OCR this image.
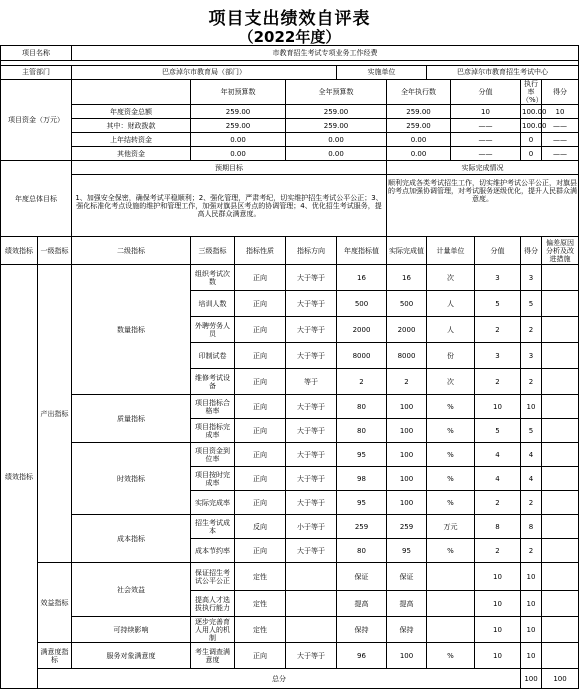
项目支出绩效自评表
（2022年度）
项目名称		市教育招生考试专项业务工作经费											

主管部门		巴彦淖尔市教育局（部门）				实施单位		巴彦淖尔市教育招生考试中心					
项目资金（万元）			年初预算数		全年预算数		全年执行数		分值		执行率（%）	得分	
		年度资金总额	259.00		259.00		259.00		10		100.00	10	
		其中：财政拨款	259.00		259.00		259.00		——		100.00	——	
		上年结转资金	0.00		0.00		0.00		——		0	——	
		其他资金	0.00		0.00		0.00		——		0	——	
年度总体目标		预期目标					实际完成情况						
		1、加强安全保密，确保考试平稳顺利；2、强化管理，严肃考纪，切实维护招生考试公平公正；3、强化标准化考点设施的维护和管理工作，加强对旗县区考点的协调管理；4、优化招生考试服务，提高人民群众满意度。					顺利完成各类考试招生工作，切实维护考试公平公正，对旗县的考点加强协调管理，对考试服务逐级优化，提升人民群众满意度。						
绩效指标	一级指标	二级指标	三级指标	指标性质	指标方向	年度指标值	实际完成值	计量单位		分值	得分	偏差原因分析及改进措施	
绩效指标	产出指标	数量指标	组织考试次数	正向	大于等于	16	16	次		3	3		
			培训人数	正向	大于等于	500	500	人		5	5		
			外聘劳务人员	正向	大于等于	2000	2000	人		2	2		
			印制试卷	正向	大于等于	8000	8000	份		3	3		
			维修考试设备	正向	等于	2	2	次		2	2		
		质量指标	项目指标合格率	正向	大于等于	80	100	%		10	10		
			项目指标完成率	正向	大于等于	80	100	%		5	5		
		时效指标	项目资金到位率	正向	大于等于	95	100	%		4	4		
			项目按时完成率	正向	大于等于	98	100	%		4	4		
			实际完成率	正向	大于等于	95	100	%		2	2		
		成本指标	招生考试成本	反向	小于等于	259	259	万元		8	8		
			成本节约率	正向	大于等于	80	95	%		2	2		
	效益指标	社会效益	保证招生考试公平公正	定性		保证	保证			10	10		
			提高人才选拔执行能力	定性		提高	提高			10	10		
		可持续影响	逐步完善育人用人的机制	定性		保持	保持			10	10		
	满意度指标	服务对象满意度	考生调查满意度	正向	大于等于	96	100	%		10	10		
	总分										100	100	
